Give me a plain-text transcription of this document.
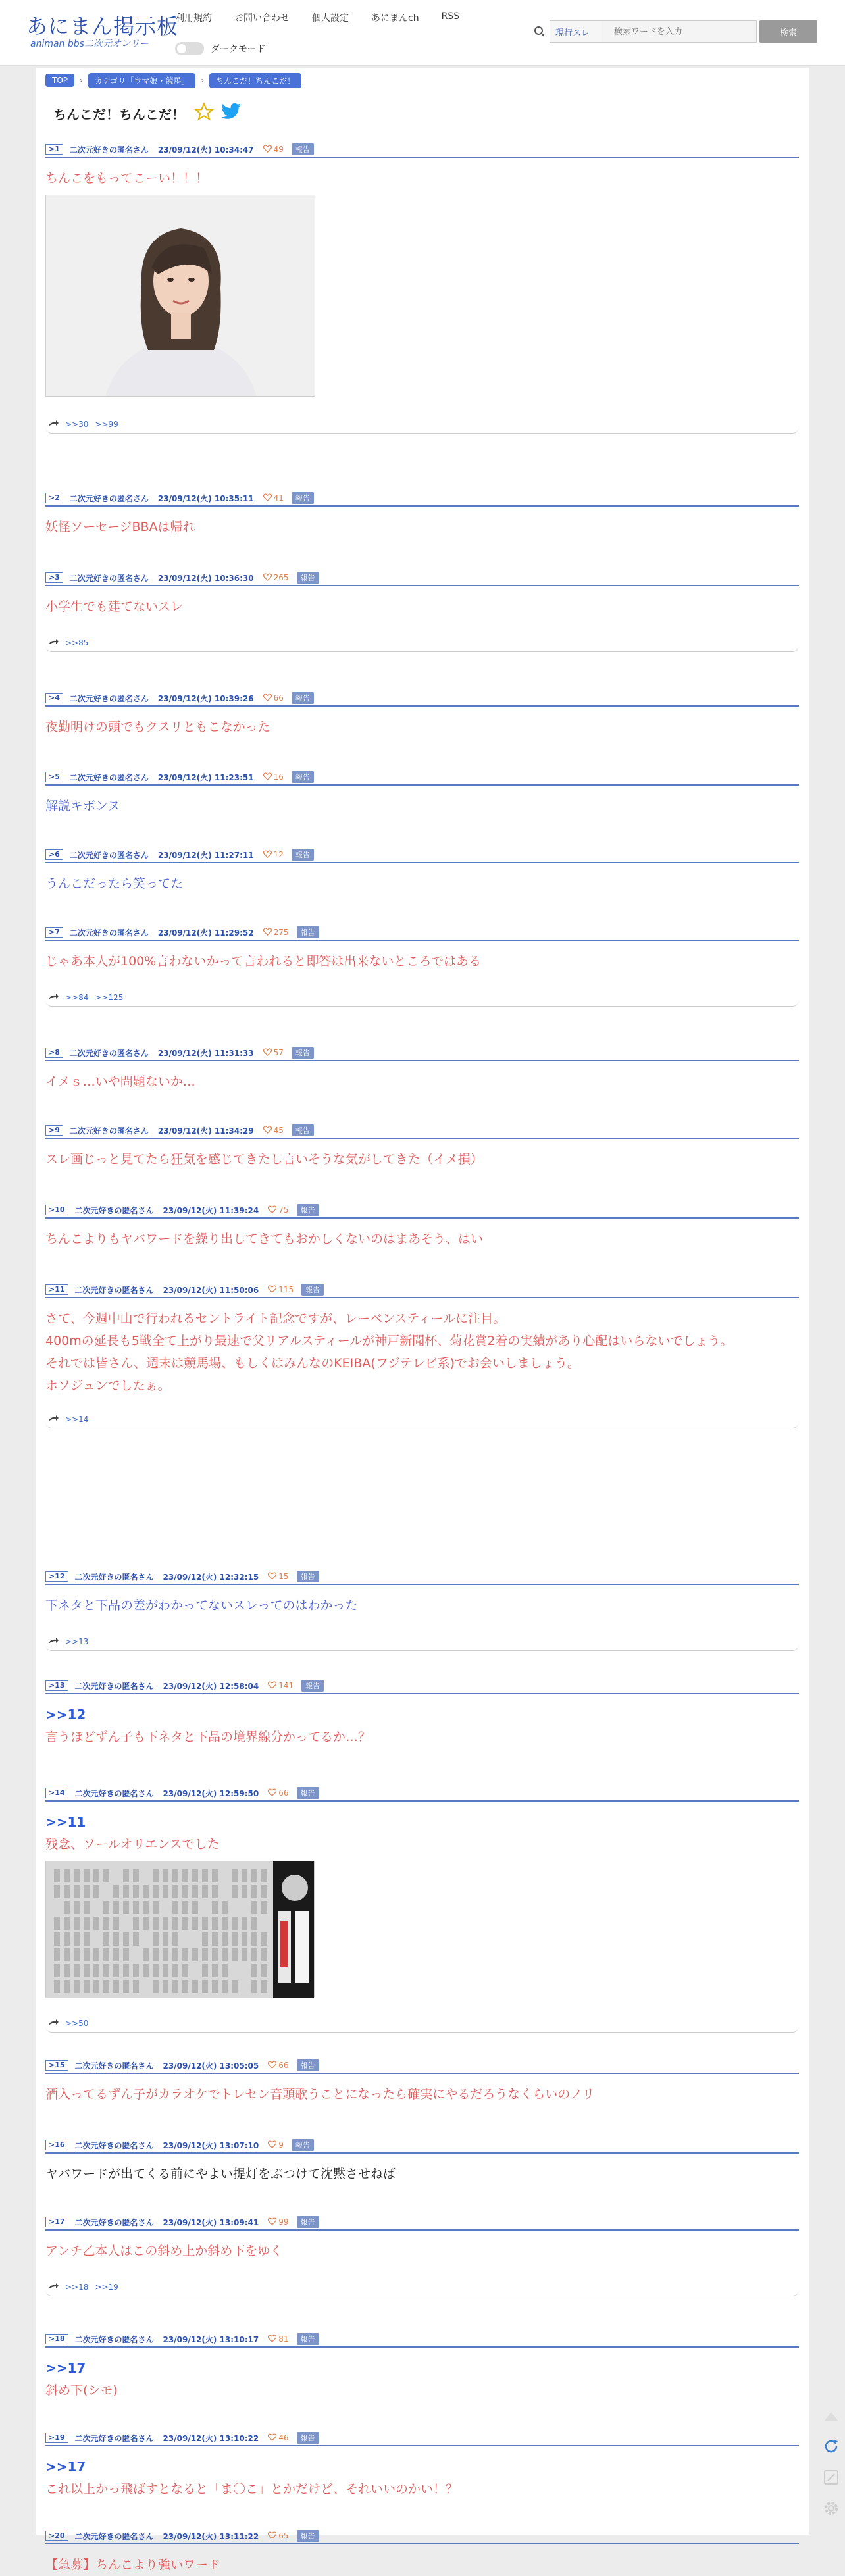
あにまん掲示板
animan bbs二次元オンリー
利用規約 お問い合わせ 個人設定 あにまんch RSS
ダークモード
現行スレ
検索ワードを入力	検索
TOP	›	カテゴリ「ウマ娘・競馬」	›	ちんこだ！ちんこだ！
ちんこだ！ちんこだ！
>1	二次元好きの匿名さん 23/09/12(火) 10:34:47	49	報告
ちんこをもってこーい！！！
>>30 >>99
>2	二次元好きの匿名さん 23/09/12(火) 10:35:11	41	報告
妖怪ソーセージBBAは帰れ
>3	二次元好きの匿名さん 23/09/12(火) 10:36:30	265	報告
小学生でも建てないスレ
>>85
>4	二次元好きの匿名さん 23/09/12(火) 10:39:26	66	報告
夜勤明けの頭でもクスリともこなかった
>5	二次元好きの匿名さん 23/09/12(火) 11:23:51	16	報告
解説キボンヌ
>6	二次元好きの匿名さん 23/09/12(火) 11:27:11	12	報告
うんこだったら笑ってた
>7	二次元好きの匿名さん 23/09/12(火) 11:29:52	275	報告
じゃあ本人が100%言わないかって言われると即答は出来ないところではある
>>84 >>125
>8	二次元好きの匿名さん 23/09/12(火) 11:31:33	57	報告
イメｓ…いや問題ないか…
>9	二次元好きの匿名さん 23/09/12(火) 11:34:29	45	報告
スレ画じっと見てたら狂気を感じてきたし言いそうな気がしてきた（イメ損）
>10	二次元好きの匿名さん 23/09/12(火) 11:39:24	75	報告
ちんこよりもヤバワードを繰り出してきてもおかしくないのはまあそう、はい
>11	二次元好きの匿名さん 23/09/12(火) 11:50:06	115	報告
さて、今週中山で行われるセントライト記念ですが、レーベンスティールに注目。
400mの延長も5戦全て上がり最速で父リアルスティールが神戸新聞杯、菊花賞2着の実績があり心配はいらないでしょう。
それでは皆さん、週末は競馬場、もしくはみんなのKEIBA(フジテレビ系)でお会いしましょう。
ホソジュンでしたぁ。
>>14
>12	二次元好きの匿名さん 23/09/12(火) 12:32:15	15	報告
下ネタと下品の差がわかってないスレってのはわかった
>>13
>13	二次元好きの匿名さん 23/09/12(火) 12:58:04	141	報告
>>12
言うほどずん子も下ネタと下品の境界線分かってるか…？
>14	二次元好きの匿名さん 23/09/12(火) 12:59:50	66	報告
>>11
残念、ソールオリエンスでした
>>50
>15	二次元好きの匿名さん 23/09/12(火) 13:05:05	66	報告
酒入ってるずん子がカラオケでトレセン音頭歌うことになったら確実にやるだろうなくらいのノリ
>16	二次元好きの匿名さん 23/09/12(火) 13:07:10	9	報告
ヤバワードが出てくる前にやよい提灯をぶつけて沈黙させねば
>17	二次元好きの匿名さん 23/09/12(火) 13:09:41	99	報告
アンチ乙本人はこの斜め上か斜め下をゆく
>>18 >>19
>18	二次元好きの匿名さん 23/09/12(火) 13:10:17	81	報告
>>17
斜め下(シモ)
>19	二次元好きの匿名さん 23/09/12(火) 13:10:22	46	報告
>>17
これ以上かっ飛ばすとなると「ま〇こ」とかだけど、それいいのかい！？
>20	二次元好きの匿名さん 23/09/12(火) 13:11:22	65	報告
【急募】ちんこより強いワード
